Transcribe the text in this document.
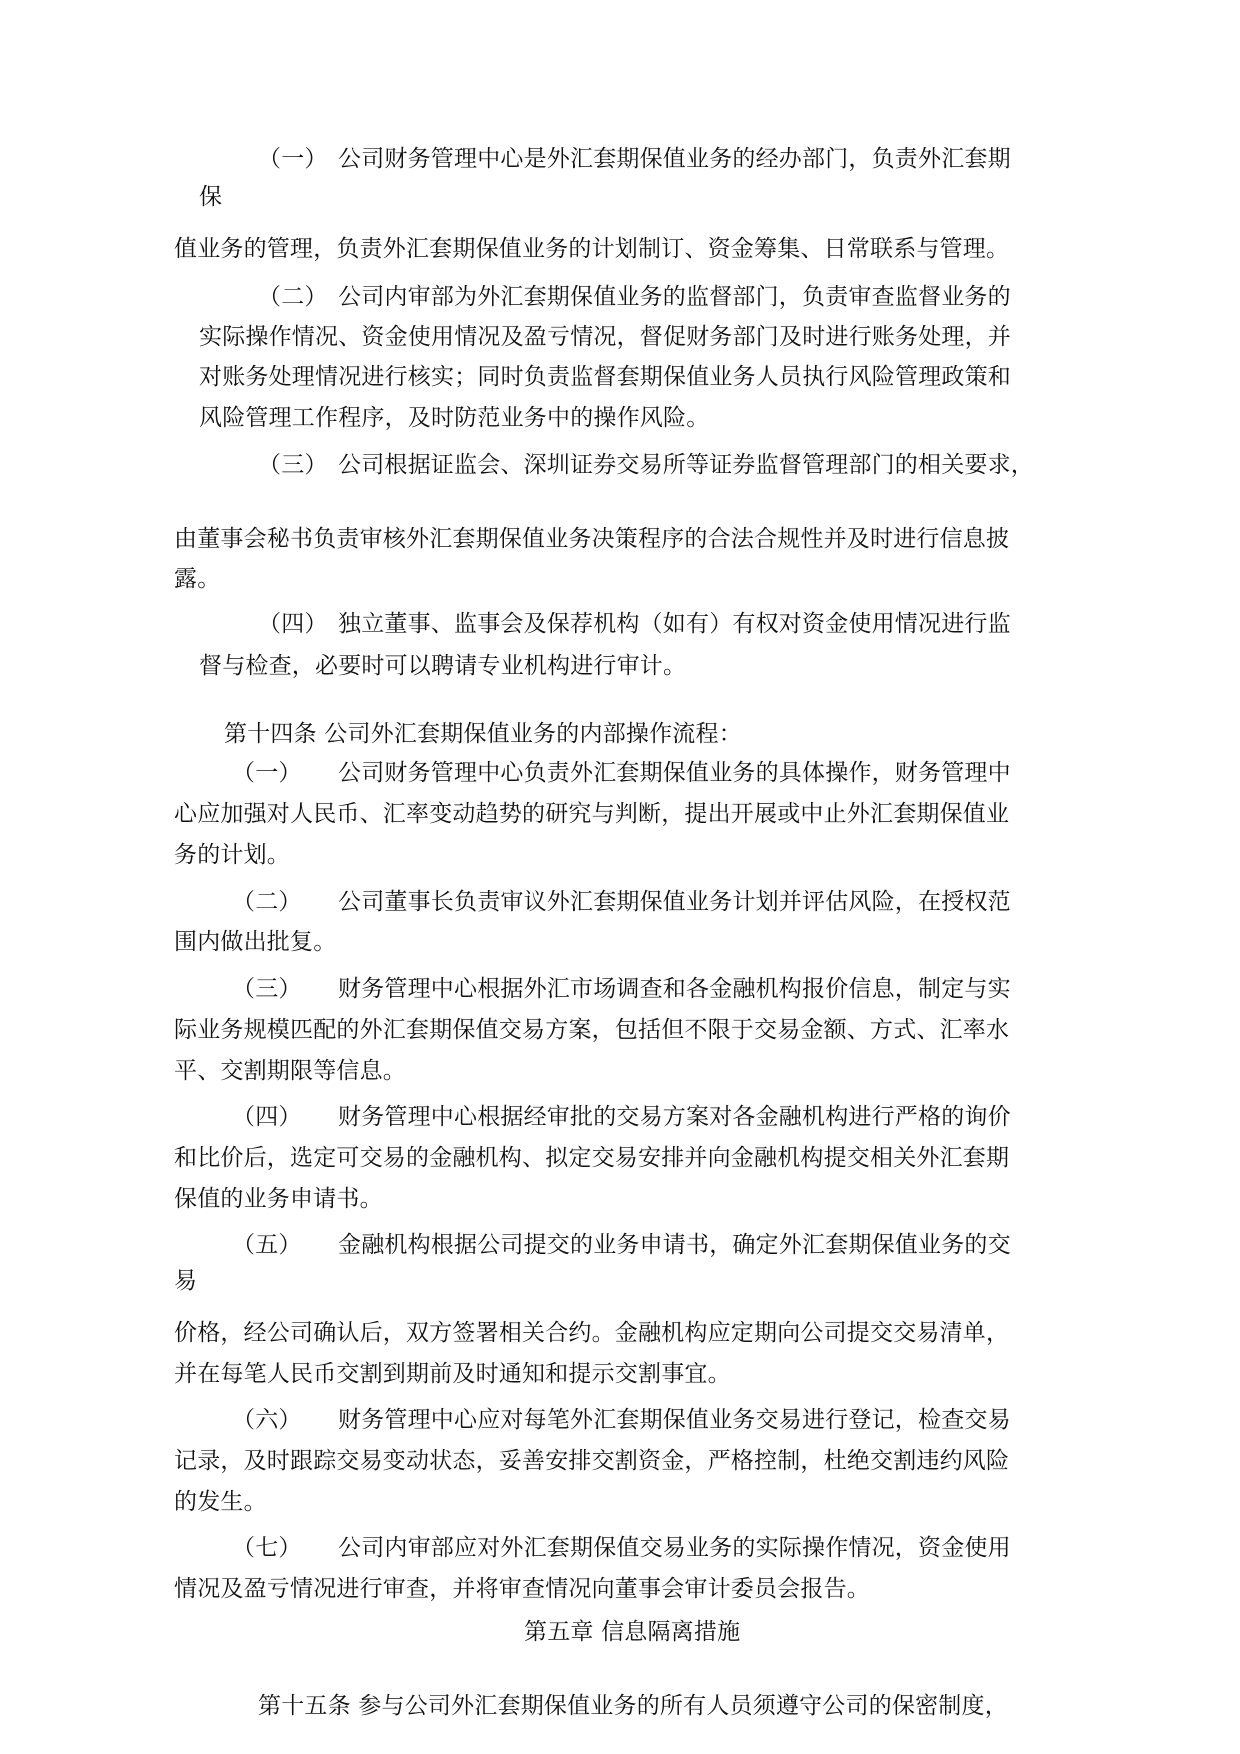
（一） 公司财务管理中心是外汇套期保值业务的经办部门，负责外汇套期

保

值业务的管理，负责外汇套期保值业务的计划制订、资金筹集、日常联系与管理。

（二） 公司内审部为外汇套期保值业务的监督部门，负责审查监督业务的

实际操作情况、资金使用情况及盈亏情况，督促财务部门及时进行账务处理，并

对账务处理情况进行核实；同时负责监督套期保值业务人员执行风险管理政策和

风险管理工作程序，及时防范业务中的操作风险。

（三） 公司根据证监会、深圳证券交易所等证券监督管理部门的相关要求，

由董事会秘书负责审核外汇套期保值业务决策程序的合法合规性并及时进行信息披

露。

（四） 独立董事、监事会及保荐机构（如有）有权对资金使用情况进行监

督与检查，必要时可以聘请专业机构进行审计。

第十四条 公司外汇套期保值业务的内部操作流程：

（一） 公司财务管理中心负责外汇套期保值业务的具体操作，财务管理中

心应加强对人民币、汇率变动趋势的研究与判断，提出开展或中止外汇套期保值业

务的计划。

（二） 公司董事长负责审议外汇套期保值业务计划并评估风险，在授权范

围内做出批复。

（三） 财务管理中心根据外汇市场调查和各金融机构报价信息，制定与实

际业务规模匹配的外汇套期保值交易方案，包括但不限于交易金额、方式、汇率水

平、交割期限等信息。

（四） 财务管理中心根据经审批的交易方案对各金融机构进行严格的询价

和比价后，选定可交易的金融机构、拟定交易安排并向金融机构提交相关外汇套期

保值的业务申请书。

（五） 金融机构根据公司提交的业务申请书，确定外汇套期保值业务的交

易

价格，经公司确认后，双方签署相关合约。金融机构应定期向公司提交交易清单，

并在每笔人民币交割到期前及时通知和提示交割事宜。

（六） 财务管理中心应对每笔外汇套期保值业务交易进行登记，检查交易

记录，及时跟踪交易变动状态，妥善安排交割资金，严格控制，杜绝交割违约风险

的发生。

（七） 公司内审部应对外汇套期保值交易业务的实际操作情况，资金使用

情况及盈亏情况进行审查，并将审查情况向董事会审计委员会报告。

第五章 信息隔离措施

第十五条 参与公司外汇套期保值业务的所有人员须遵守公司的保密制度，
